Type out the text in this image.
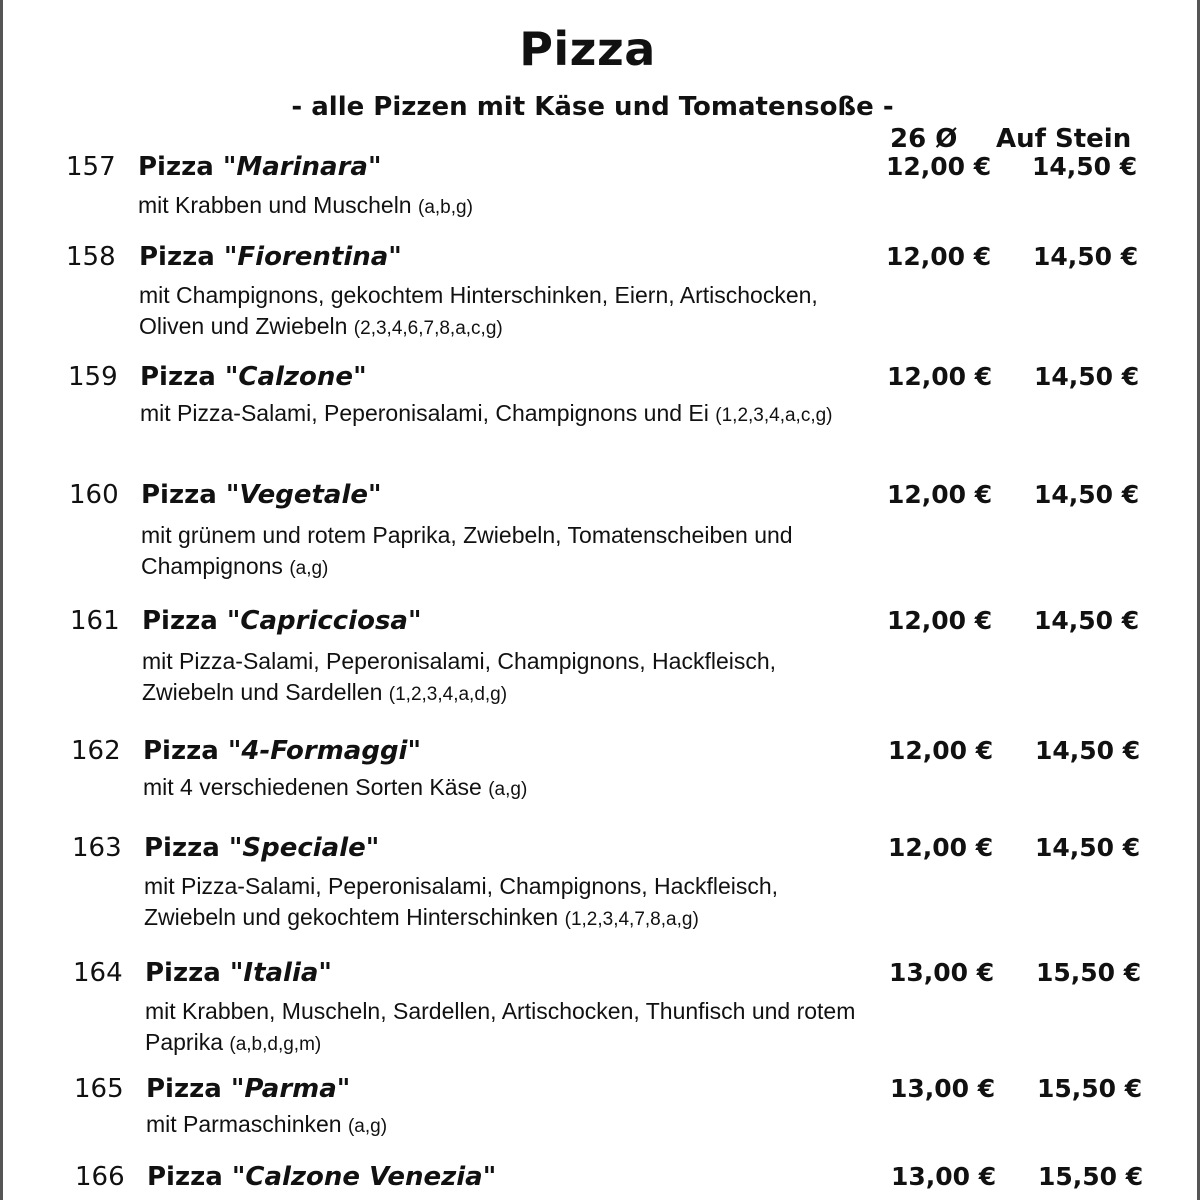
Pizza
- alle Pizzen mit Käse und Tomatensoße -
26 Ø Auf Stein
157 Pizza "Marinara"	12,00 € 14,50 €
mit Krabben und Muscheln (a,b,g)
158 Pizza "Fiorentina"	12,00 € 14,50 €
mit Champignons, gekochtem Hinterschinken, Eiern, Artischocken, Oliven und Zwiebeln (2,3,4,6,7,8,a,c,g)
159 Pizza "Calzone"	12,00 € 14,50 €
mit Pizza-Salami, Peperonisalami, Champignons und Ei (1,2,3,4,a,c,g)
160 Pizza "Vegetale"	12,00 € 14,50 €
mit grünem und rotem Paprika, Zwiebeln, Tomatenscheiben und Champignons (a,g)
161 Pizza "Capricciosa"	12,00 € 14,50 €
mit Pizza-Salami, Peperonisalami, Champignons, Hackfleisch, Zwiebeln und Sardellen (1,2,3,4,a,d,g)
162 Pizza "4-Formaggi"	12,00 € 14,50 €
mit 4 verschiedenen Sorten Käse (a,g)
163 Pizza "Speciale"	12,00 € 14,50 €
mit Pizza-Salami, Peperonisalami, Champignons, Hackfleisch, Zwiebeln und gekochtem Hinterschinken (1,2,3,4,7,8,a,g)
164 Pizza "Italia"	13,00 € 15,50 €
mit Krabben, Muscheln, Sardellen, Artischocken, Thunfisch und rotem Paprika (a,b,d,g,m)
165 Pizza "Parma"	13,00 € 15,50 €
mit Parmaschinken (a,g)
166 Pizza "Calzone Venezia"	13,00 € 15,50 €
